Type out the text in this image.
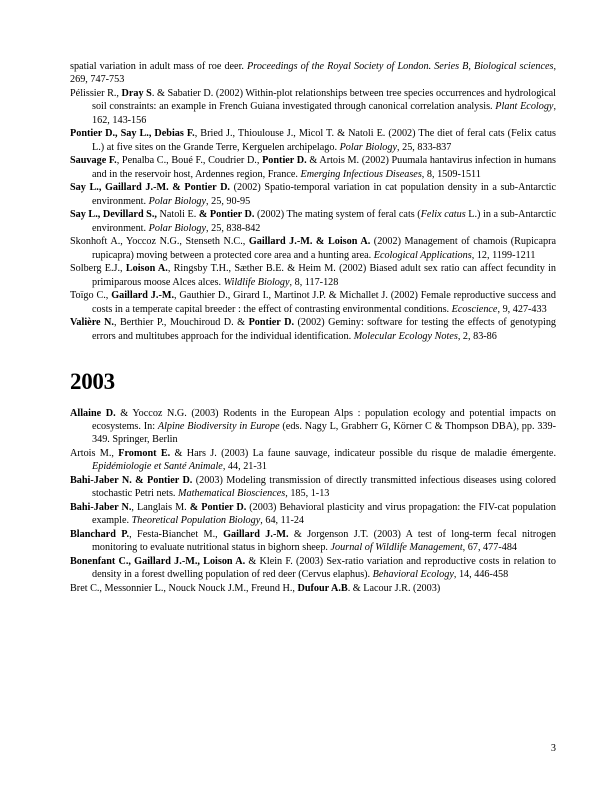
spatial variation in adult mass of roe deer. Proceedings of the Royal Society of London. Series B, Biological sciences, 269, 747-753
Pélissier R., Dray S. & Sabatier D. (2002) Within-plot relationships between tree species occurrences and hydrological soil constraints: an example in French Guiana investigated through canonical correlation analysis. Plant Ecology, 162, 143-156
Pontier D., Say L., Debias F., Bried J., Thioulouse J., Micol T. & Natoli E. (2002) The diet of feral cats (Felix catus L.) at five sites on the Grande Terre, Kerguelen archipelago. Polar Biology, 25, 833-837
Sauvage F., Penalba C., Boué F., Coudrier D., Pontier D. & Artois M. (2002) Puumala hantavirus infection in humans and in the reservoir host, Ardennes region, France. Emerging Infectious Diseases, 8, 1509-1511
Say L., Gaillard J.-M. & Pontier D. (2002) Spatio-temporal variation in cat population density in a sub-Antarctic environment. Polar Biology, 25, 90-95
Say L., Devillard S., Natoli E. & Pontier D. (2002) The mating system of feral cats (Felix catus L.) in a sub-Antarctic environment. Polar Biology, 25, 838-842
Skonhoft A., Yoccoz N.G., Stenseth N.C., Gaillard J.-M. & Loison A. (2002) Management of chamois (Rupicapra rupicapra) moving between a protected core area and a hunting area. Ecological Applications, 12, 1199-1211
Solberg E.J., Loison A., Ringsby T.H., Sæther B.E. & Heim M. (2002) Biased adult sex ratio can affect fecundity in primiparous moose Alces alces. Wildlife Biology, 8, 117-128
Toïgo C., Gaillard J.-M., Gauthier D., Girard I., Martinot J.P. & Michallet J. (2002) Female reproductive success and costs in a temperate capital breeder : the effect of contrasting environmental conditions. Ecoscience, 9, 427-433
Valière N., Berthier P., Mouchiroud D. & Pontier D. (2002) Geminy: software for testing the effects of genotyping errors and multitubes approach for the individual identification. Molecular Ecology Notes, 2, 83-86
2003
Allaine D. & Yoccoz N.G. (2003) Rodents in the European Alps : population ecology and potential impacts on ecosystems. In: Alpine Biodiversity in Europe (eds. Nagy L, Grabherr G, Körner C & Thompson DBA), pp. 339-349. Springer, Berlin
Artois M., Fromont E. & Hars J. (2003) La faune sauvage, indicateur possible du risque de maladie émergente. Epidémiologie et Santé Animale, 44, 21-31
Bahi-Jaber N. & Pontier D. (2003) Modeling transmission of directly transmitted infectious diseases using colored stochastic Petri nets. Mathematical Biosciences, 185, 1-13
Bahi-Jaber N., Langlais M. & Pontier D. (2003) Behavioral plasticity and virus propagation: the FIV-cat population example. Theoretical Population Biology, 64, 11-24
Blanchard P., Festa-Bianchet M., Gaillard J.-M. & Jorgenson J.T. (2003) A test of long-term fecal nitrogen monitoring to evaluate nutritional status in bighorn sheep. Journal of Wildlife Management, 67, 477-484
Bonenfant C., Gaillard J.-M., Loison A. & Klein F. (2003) Sex-ratio variation and reproductive costs in relation to density in a forest dwelling population of red deer (Cervus elaphus). Behavioral Ecology, 14, 446-458
Bret C., Messonnier L., Nouck Nouck J.M., Freund H., Dufour A.B. & Lacour J.R. (2003)
3
